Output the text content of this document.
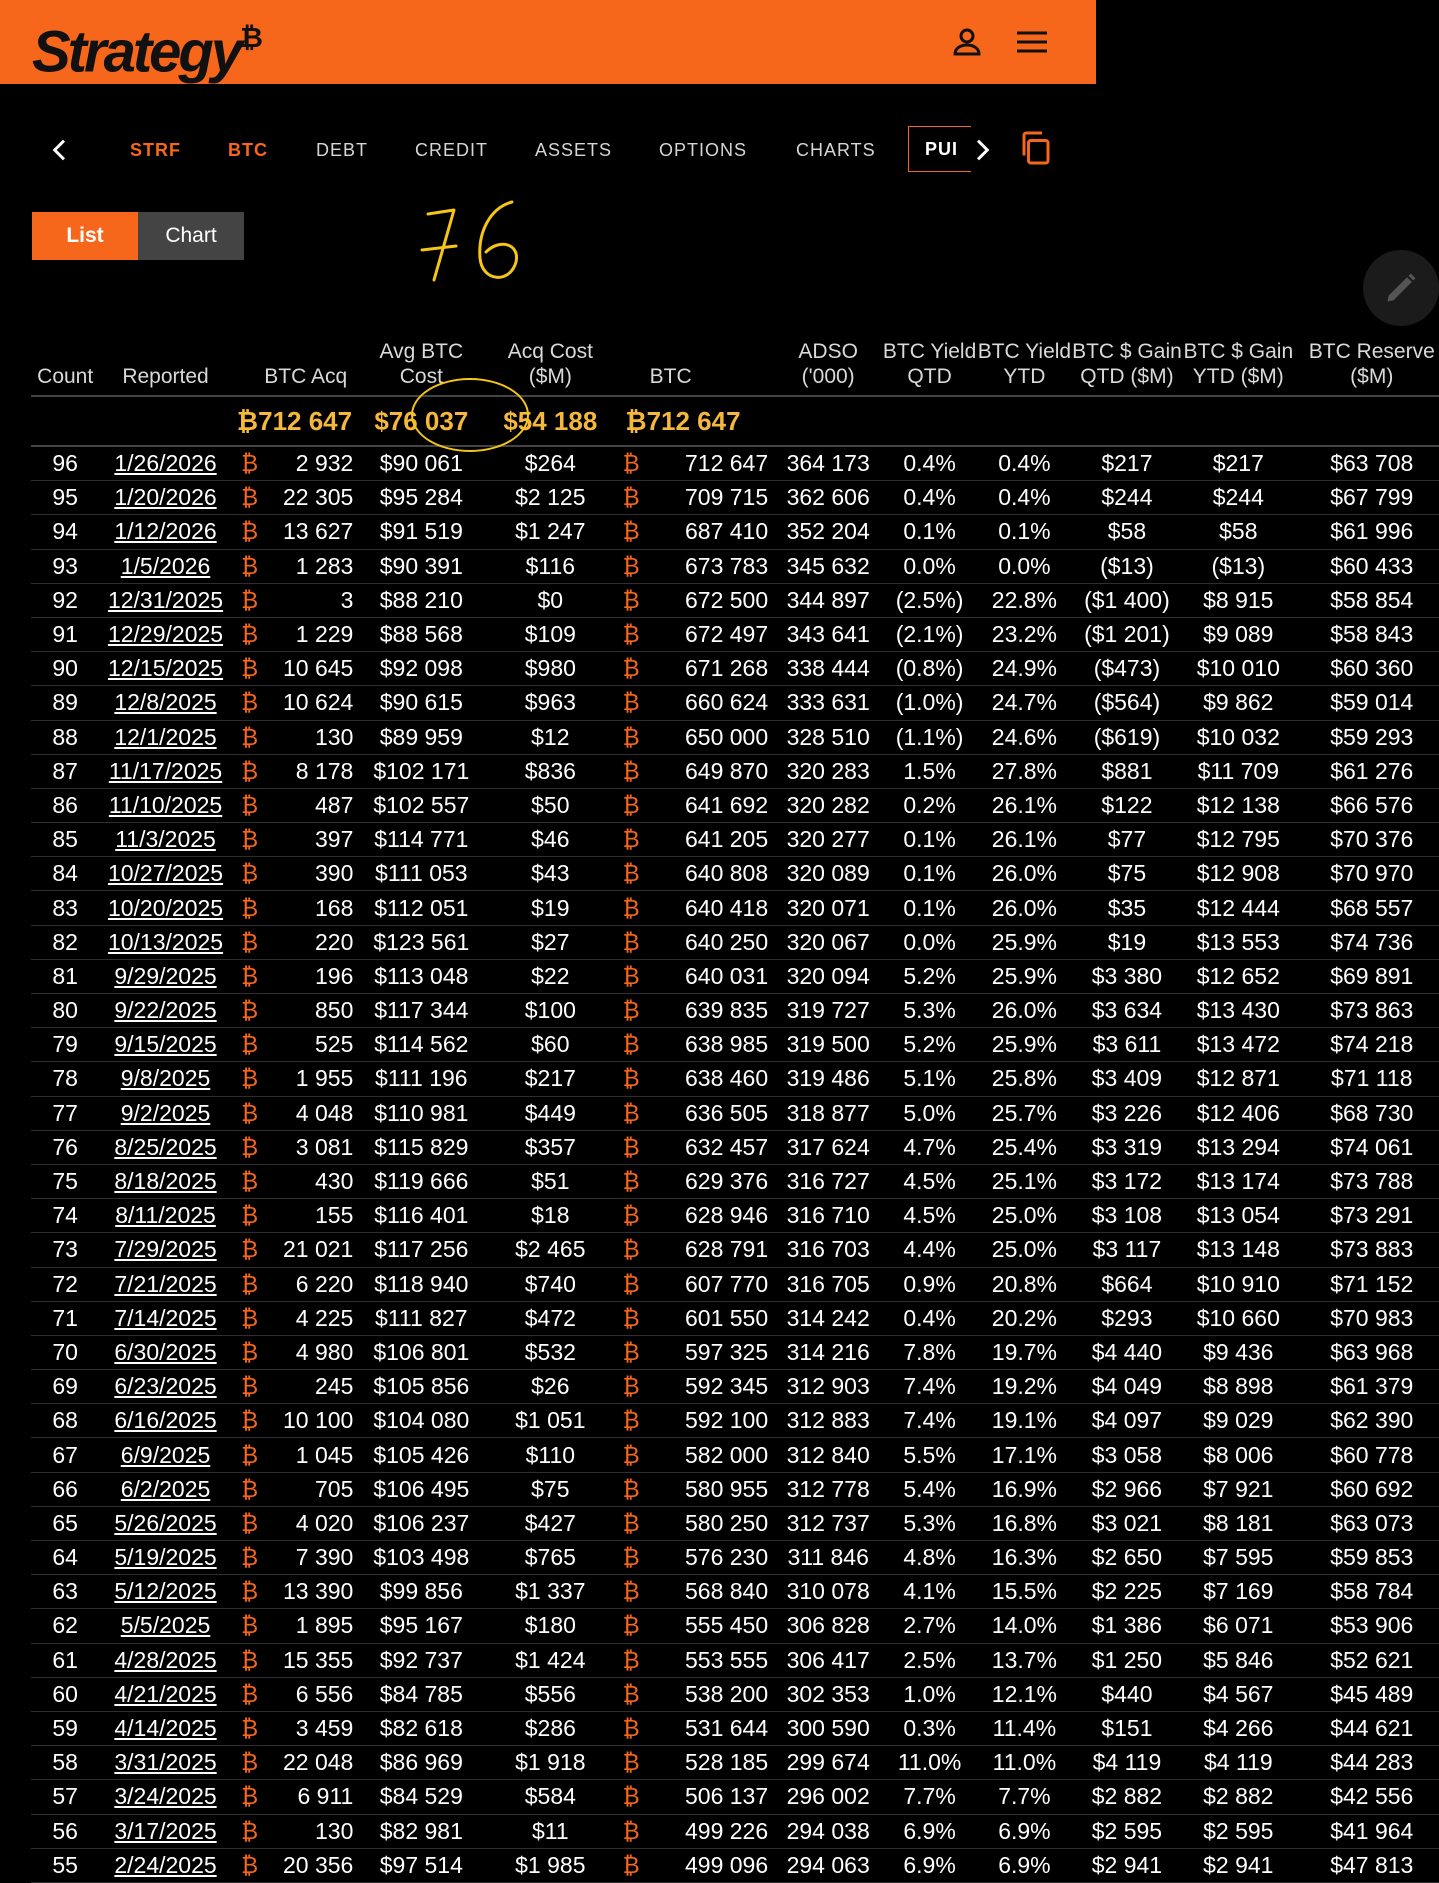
Strategy₿
STRF	BTC	DEBT	CREDIT	ASSETS	OPTIONS	CHARTS	PUI
List	Chart
Count	Reported		BTC Acq	Avg BTC Cost	Acq Cost ($M)		BTC	ADSO ('000)	BTC Yield QTD	BTC Yield YTD	BTC $ Gain QTD ($M)	BTC $ Gain YTD ($M)	BTC Reserve ($M)
		₿712 647		$76 037	$54 188	₿712 647							
96	1/26/2026	₿	2 932	$90 061	$264	₿	712 647	364 173	0.4%	0.4%	$217	$217	$63 708
95	1/20/2026	₿	22 305	$95 284	$2 125	₿	709 715	362 606	0.4%	0.4%	$244	$244	$67 799
94	1/12/2026	₿	13 627	$91 519	$1 247	₿	687 410	352 204	0.1%	0.1%	$58	$58	$61 996
93	1/5/2026	₿	1 283	$90 391	$116	₿	673 783	345 632	0.0%	0.0%	($13)	($13)	$60 433
92	12/31/2025	₿	3	$88 210	$0	₿	672 500	344 897	(2.5%)	22.8%	($1 400)	$8 915	$58 854
91	12/29/2025	₿	1 229	$88 568	$109	₿	672 497	343 641	(2.1%)	23.2%	($1 201)	$9 089	$58 843
90	12/15/2025	₿	10 645	$92 098	$980	₿	671 268	338 444	(0.8%)	24.9%	($473)	$10 010	$60 360
89	12/8/2025	₿	10 624	$90 615	$963	₿	660 624	333 631	(1.0%)	24.7%	($564)	$9 862	$59 014
88	12/1/2025	₿	130	$89 959	$12	₿	650 000	328 510	(1.1%)	24.6%	($619)	$10 032	$59 293
87	11/17/2025	₿	8 178	$102 171	$836	₿	649 870	320 283	1.5%	27.8%	$881	$11 709	$61 276
86	11/10/2025	₿	487	$102 557	$50	₿	641 692	320 282	0.2%	26.1%	$122	$12 138	$66 576
85	11/3/2025	₿	397	$114 771	$46	₿	641 205	320 277	0.1%	26.1%	$77	$12 795	$70 376
84	10/27/2025	₿	390	$111 053	$43	₿	640 808	320 089	0.1%	26.0%	$75	$12 908	$70 970
83	10/20/2025	₿	168	$112 051	$19	₿	640 418	320 071	0.1%	26.0%	$35	$12 444	$68 557
82	10/13/2025	₿	220	$123 561	$27	₿	640 250	320 067	0.0%	25.9%	$19	$13 553	$74 736
81	9/29/2025	₿	196	$113 048	$22	₿	640 031	320 094	5.2%	25.9%	$3 380	$12 652	$69 891
80	9/22/2025	₿	850	$117 344	$100	₿	639 835	319 727	5.3%	26.0%	$3 634	$13 430	$73 863
79	9/15/2025	₿	525	$114 562	$60	₿	638 985	319 500	5.2%	25.9%	$3 611	$13 472	$74 218
78	9/8/2025	₿	1 955	$111 196	$217	₿	638 460	319 486	5.1%	25.8%	$3 409	$12 871	$71 118
77	9/2/2025	₿	4 048	$110 981	$449	₿	636 505	318 877	5.0%	25.7%	$3 226	$12 406	$68 730
76	8/25/2025	₿	3 081	$115 829	$357	₿	632 457	317 624	4.7%	25.4%	$3 319	$13 294	$74 061
75	8/18/2025	₿	430	$119 666	$51	₿	629 376	316 727	4.5%	25.1%	$3 172	$13 174	$73 788
74	8/11/2025	₿	155	$116 401	$18	₿	628 946	316 710	4.5%	25.0%	$3 108	$13 054	$73 291
73	7/29/2025	₿	21 021	$117 256	$2 465	₿	628 791	316 703	4.4%	25.0%	$3 117	$13 148	$73 883
72	7/21/2025	₿	6 220	$118 940	$740	₿	607 770	316 705	0.9%	20.8%	$664	$10 910	$71 152
71	7/14/2025	₿	4 225	$111 827	$472	₿	601 550	314 242	0.4%	20.2%	$293	$10 660	$70 983
70	6/30/2025	₿	4 980	$106 801	$532	₿	597 325	314 216	7.8%	19.7%	$4 440	$9 436	$63 968
69	6/23/2025	₿	245	$105 856	$26	₿	592 345	312 903	7.4%	19.2%	$4 049	$8 898	$61 379
68	6/16/2025	₿	10 100	$104 080	$1 051	₿	592 100	312 883	7.4%	19.1%	$4 097	$9 029	$62 390
67	6/9/2025	₿	1 045	$105 426	$110	₿	582 000	312 840	5.5%	17.1%	$3 058	$8 006	$60 778
66	6/2/2025	₿	705	$106 495	$75	₿	580 955	312 778	5.4%	16.9%	$2 966	$7 921	$60 692
65	5/26/2025	₿	4 020	$106 237	$427	₿	580 250	312 737	5.3%	16.8%	$3 021	$8 181	$63 073
64	5/19/2025	₿	7 390	$103 498	$765	₿	576 230	311 846	4.8%	16.3%	$2 650	$7 595	$59 853
63	5/12/2025	₿	13 390	$99 856	$1 337	₿	568 840	310 078	4.1%	15.5%	$2 225	$7 169	$58 784
62	5/5/2025	₿	1 895	$95 167	$180	₿	555 450	306 828	2.7%	14.0%	$1 386	$6 071	$53 906
61	4/28/2025	₿	15 355	$92 737	$1 424	₿	553 555	306 417	2.5%	13.7%	$1 250	$5 846	$52 621
60	4/21/2025	₿	6 556	$84 785	$556	₿	538 200	302 353	1.0%	12.1%	$440	$4 567	$45 489
59	4/14/2025	₿	3 459	$82 618	$286	₿	531 644	300 590	0.3%	11.4%	$151	$4 266	$44 621
58	3/31/2025	₿	22 048	$86 969	$1 918	₿	528 185	299 674	11.0%	11.0%	$4 119	$4 119	$44 283
57	3/24/2025	₿	6 911	$84 529	$584	₿	506 137	296 002	7.7%	7.7%	$2 882	$2 882	$42 556
56	3/17/2025	₿	130	$82 981	$11	₿	499 226	294 038	6.9%	6.9%	$2 595	$2 595	$41 964
55	2/24/2025	₿	20 356	$97 514	$1 985	₿	499 096	294 063	6.9%	6.9%	$2 941	$2 941	$47 813
